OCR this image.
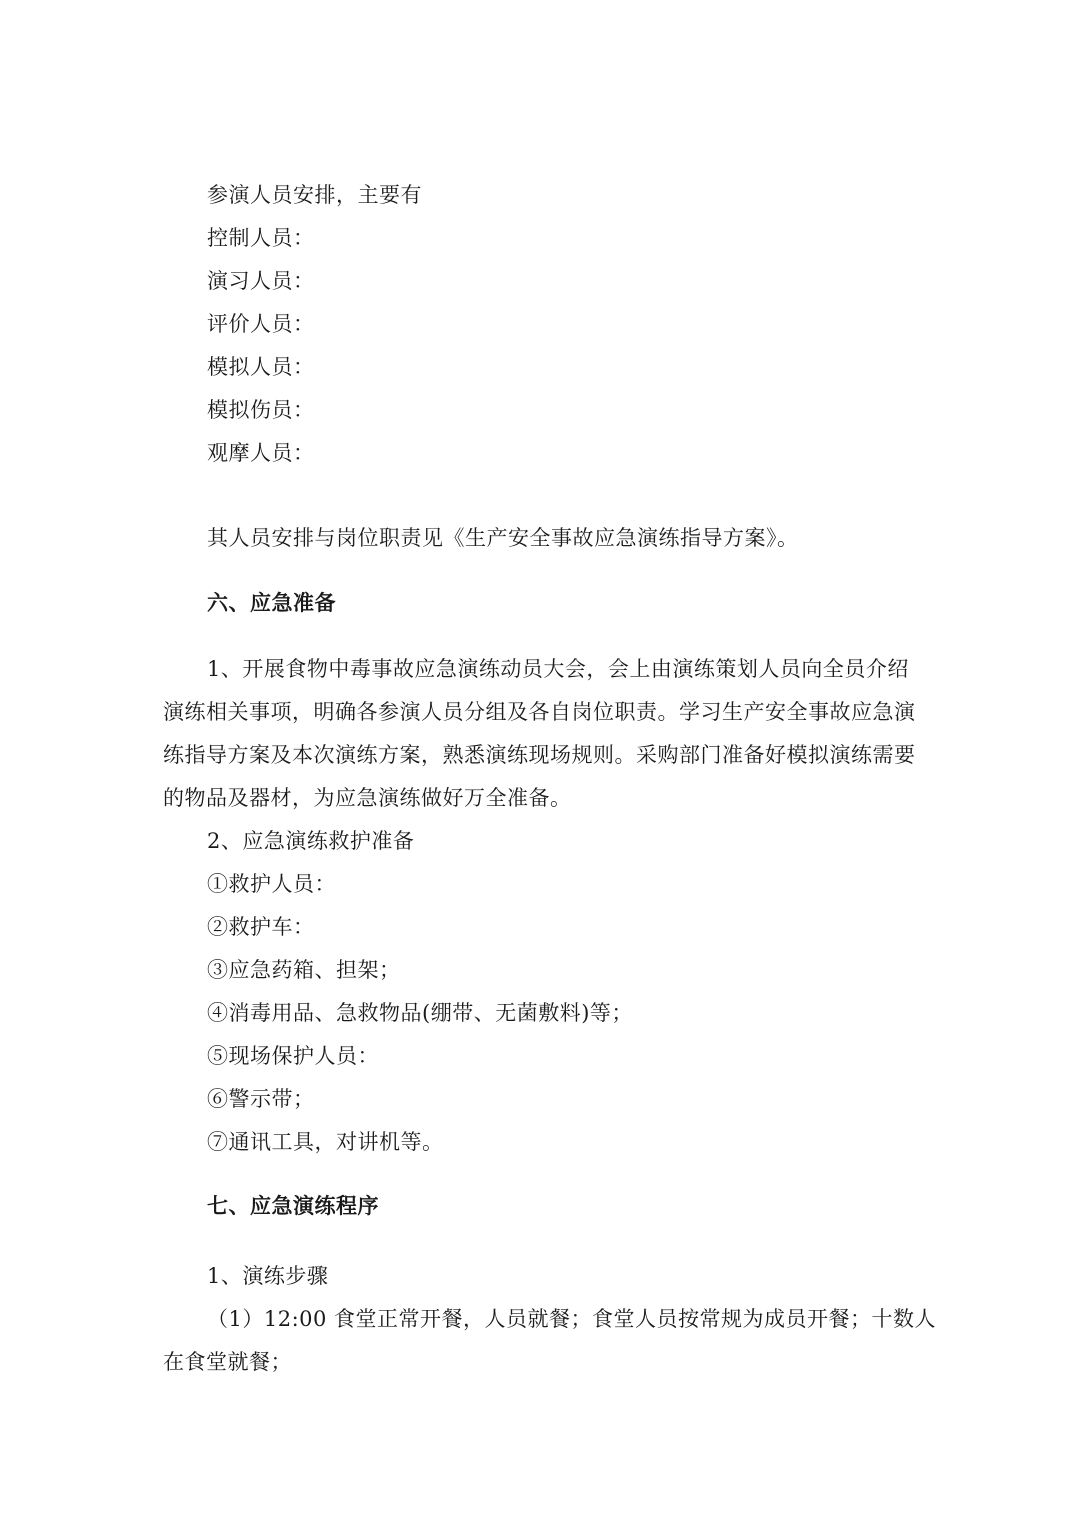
参演人员安排，主要有
控制人员：
演习人员：
评价人员：
模拟人员：
模拟伤员：
观摩人员：
其人员安排与岗位职责见《生产安全事故应急演练指导方案》。
六、应急准备
1、开展食物中毒事故应急演练动员大会，会上由演练策划人员向全员介绍
演练相关事项，明确各参演人员分组及各自岗位职责。学习生产安全事故应急演
练指导方案及本次演练方案，熟悉演练现场规则。采购部门准备好模拟演练需要
的物品及器材，为应急演练做好万全准备。
2、应急演练救护准备
①救护人员：
②救护车：
③应急药箱、担架；
④消毒用品、急救物品(绷带、无菌敷料)等；
⑤现场保护人员：
⑥警示带；
⑦通讯工具，对讲机等。
七、应急演练程序
1、演练步骤
（1）12:00 食堂正常开餐，人员就餐；食堂人员按常规为成员开餐；十数人
在食堂就餐；
